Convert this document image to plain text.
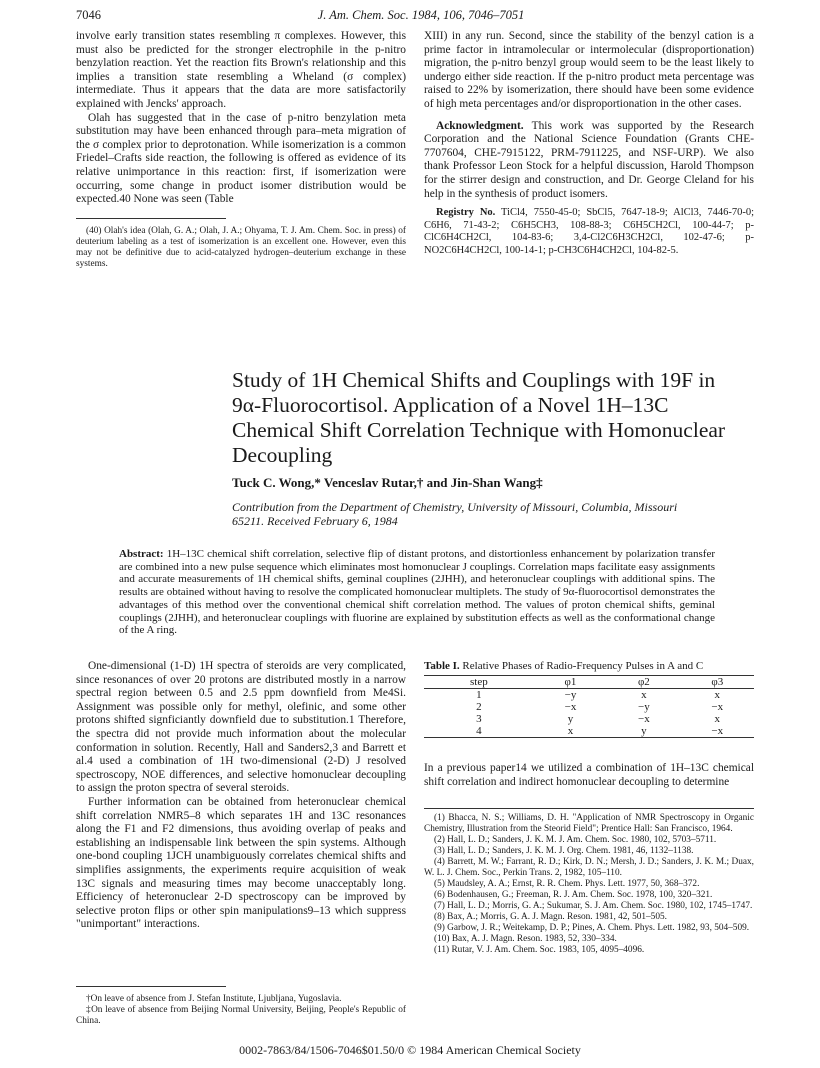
7046	J. Am. Chem. Soc. 1984, 106, 7046–7051

involve early transition states resembling π complexes. However, this must also be predicted for the stronger electrophile in the p-nitro benzylation reaction. Yet the reaction fits Brown's relationship and this implies a transition state resembling a Wheland (σ complex) intermediate. Thus it appears that the data are more satisfactorily explained with Jencks' approach.

Olah has suggested that in the case of p-nitro benzylation meta substitution may have been enhanced through para–meta migration of the σ complex prior to deprotonation. While isomerization is a common Friedel–Crafts side reaction, the following is offered as evidence of its relative unimportance in this reaction: first, if isomerization were occurring, some change in product isomer distribution would be expected.40 None was seen (Table

(40) Olah's idea (Olah, G. A.; Olah, J. A.; Ohyama, T. J. Am. Chem. Soc. in press) of deuterium labeling as a test of isomerization is an excellent one. However, even this may not be definitive due to acid-catalyzed hydrogen–deuterium exchange in these systems.

XIII) in any run. Second, since the stability of the benzyl cation is a prime factor in intramolecular or intermolecular (disproportionation) migration, the p-nitro benzyl group would seem to be the least likely to undergo either side reaction. If the p-nitro product meta percentage was raised to 22% by isomerization, there should have been some evidence of high meta percentages and/or disproportionation in the other cases.

Acknowledgment. This work was supported by the Research Corporation and the National Science Foundation (Grants CHE-7707604, CHE-7915122, PRM-7911225, and NSF-URP). We also thank Professor Leon Stock for a helpful discussion, Harold Thompson for the stirrer design and construction, and Dr. George Cleland for his help in the synthesis of product isomers.

Registry No. TiCl4, 7550-45-0; SbCl5, 7647-18-9; AlCl3, 7446-70-0; C6H6, 71-43-2; C6H5CH3, 108-88-3; C6H5CH2Cl, 100-44-7; p-ClC6H4CH2Cl, 104-83-6; 3,4-Cl2C6H3CH2Cl, 102-47-6; p-NO2C6H4CH2Cl, 100-14-1; p-CH3C6H4CH2Cl, 104-82-5.

Study of 1H Chemical Shifts and Couplings with 19F in 9α-Fluorocortisol. Application of a Novel 1H–13C Chemical Shift Correlation Technique with Homonuclear Decoupling
Tuck C. Wong,* Venceslav Rutar,† and Jin-Shan Wang‡
Contribution from the Department of Chemistry, University of Missouri, Columbia, Missouri 65211. Received February 6, 1984
Abstract: 1H–13C chemical shift correlation, selective flip of distant protons, and distortionless enhancement by polarization transfer are combined into a new pulse sequence which eliminates most homonuclear J couplings. Correlation maps facilitate easy assignments and accurate measurements of 1H chemical shifts, geminal couplines (2JHH), and heteronuclear couplings with additional spins. The results are obtained without having to resolve the complicated homonuclear multiplets. The study of 9α-fluorocortisol demonstrates the advantages of this method over the conventional chemical shift correlation method. The values of proton chemical shifts, geminal couplings (2JHH), and heteronuclear couplings with fluorine are explained by substitution effects as well as the conformational change of the A ring.

One-dimensional (1-D) 1H spectra of steroids are very complicated, since resonances of over 20 protons are distributed mostly in a narrow spectral region between 0.5 and 2.5 ppm downfield from Me4Si. Assignment was possible only for methyl, olefinic, and some other protons shifted signficiantly downfield due to substitution.1 Therefore, the spectra did not provide much information about the molecular conformation in solution. Recently, Hall and Sanders2,3 and Barrett et al.4 used a combination of 1H two-dimensional (2-D) J resolved spectroscopy, NOE differences, and selective homonuclear decoupling to assign the proton spectra of several steroids.

Further information can be obtained from heteronuclear chemical shift correlation NMR5–8 which separates 1H and 13C resonances along the F1 and F2 dimensions, thus avoiding overlap of peaks and establishing an indispensable link between the spin systems. Although one-bond coupling 1JCH unambiguously correlates chemical shifts and simplifies assignments, the experiments require acquisition of weak 13C signals and measuring times may become unacceptably long. Efficiency of heteronuclear 2-D spectroscopy can be improved by selective proton flips or other spin manipulations9–13 which suppress "unimportant" interactions.

†On leave of absence from J. Stefan Institute, Ljubljana, Yugoslavia.

‡On leave of absence from Beijing Normal University, Beijing, People's Republic of China.

Table I. Relative Phases of Radio-Frequency Pulses in A and C
step	φ1	φ2	φ3
1	−y	x	x
2	−x	−y	−x
3	y	−x	x
4	x	y	−x

In a previous paper14 we utilized a combination of 1H–13C chemical shift correlation and indirect homonuclear decoupling to determine

(1) Bhacca, N. S.; Williams, D. H. "Application of NMR Spectroscopy in Organic Chemistry, Illustration from the Steorid Field"; Prentice Hall: San Francisco, 1964.

(2) Hall, L. D.; Sanders, J. K. M. J. Am. Chem. Soc. 1980, 102, 5703–5711.

(3) Hall, L. D.; Sanders, J. K. M. J. Org. Chem. 1981, 46, 1132–1138.

(4) Barrett, M. W.; Farrant, R. D.; Kirk, D. N.; Mersh, J. D.; Sanders, J. K. M.; Duax, W. L. J. Chem. Soc., Perkin Trans. 2, 1982, 105–110.

(5) Maudsley, A. A.; Ernst, R. R. Chem. Phys. Lett. 1977, 50, 368–372.

(6) Bodenhausen, G.; Freeman, R. J. Am. Chem. Soc. 1978, 100, 320–321.

(7) Hall, L. D.; Morris, G. A.; Sukumar, S. J. Am. Chem. Soc. 1980, 102, 1745–1747.

(8) Bax, A.; Morris, G. A. J. Magn. Reson. 1981, 42, 501–505.

(9) Garbow, J. R.; Weitekamp, D. P.; Pines, A. Chem. Phys. Lett. 1982, 93, 504–509.

(10) Bax, A. J. Magn. Reson. 1983, 52, 330–334.

(11) Rutar, V. J. Am. Chem. Soc. 1983, 105, 4095–4096.

0002-7863/84/1506-7046$01.50/0 © 1984 American Chemical Society
